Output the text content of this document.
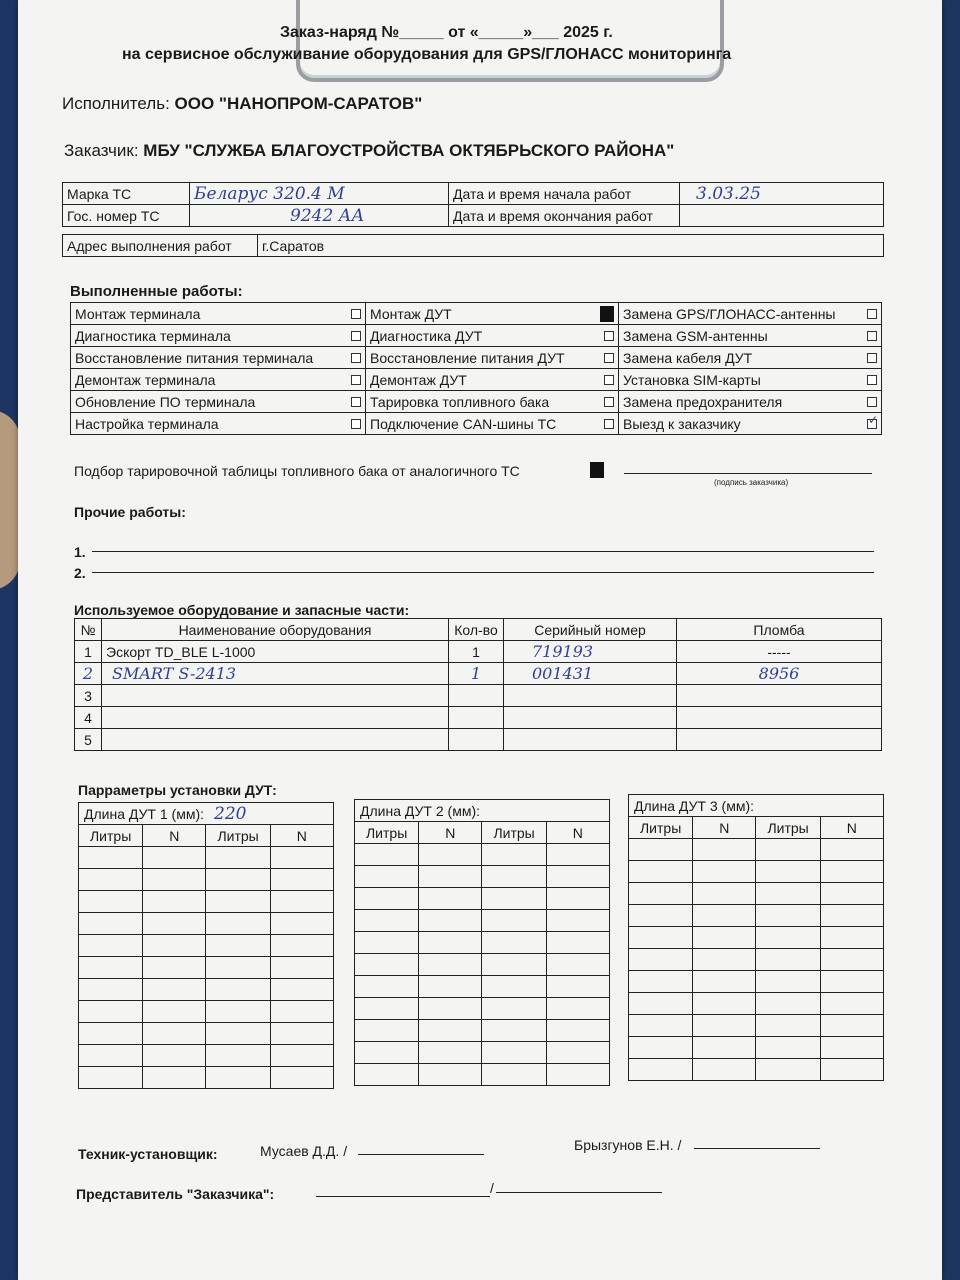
Заказ-наряд №_____ от «_____»___ 2025 г.
на сервисное обслуживание оборудования для GPS/ГЛОНАСС мониторинга
Исполнитель: ООО "НАНОПРОМ-САРАТОВ"
Заказчик: МБУ "СЛУЖБА БЛАГОУСТРОЙСТВА ОКТЯБРЬСКОГО РАЙОНА"
Марка ТС	Беларус 320.4 М	Дата и время начала работ	3.03.25
Гос. номер ТС	9242 АА	Дата и время окончания работ	
Адрес выполнения работ	г.Саратов
Выполненные работы:
Монтаж терминала	Монтаж ДУТ	Замена GPS/ГЛОНАСС-антенны

Диагностика терминала	Диагностика ДУТ	Замена GSM-антенны

Восстановление питания терминала	Восстановление питания ДУТ	Замена кабеля ДУТ

Демонтаж терминала	Демонтаж ДУТ	Установка SIM-карты

Обновление ПО терминала	Тарировка топливного бака	Замена предохранителя

Настройка терминала	Подключение CAN-шины ТС	Выезд к заказчику
✓
Подбор тарировочной таблицы топливного бака от аналогичного ТС
(подпись заказчика)
Прочие работы:
1.
2.
Используемое оборудование и запасные части:
№	Наименование оборудования	Кол-во	Серийный номер	Пломба
1	Эскорт TD_BLE L-1000	1	719193	-----
2	SMART S-2413	1	001431	8956
3				
4				
5				
Парраметры установки ДУТ:
Длина ДУТ 1 (мм): 220			
Литры	N	Литры	N

Длина ДУТ 2 (мм):			
Литры	N	Литры	N

Длина ДУТ 3 (мм):			
Литры	N	Литры	N

Техник-установщик:	Мусаев Д.Д. /	Брызгунов Е.Н. /
Представитель "Заказчика":	/
